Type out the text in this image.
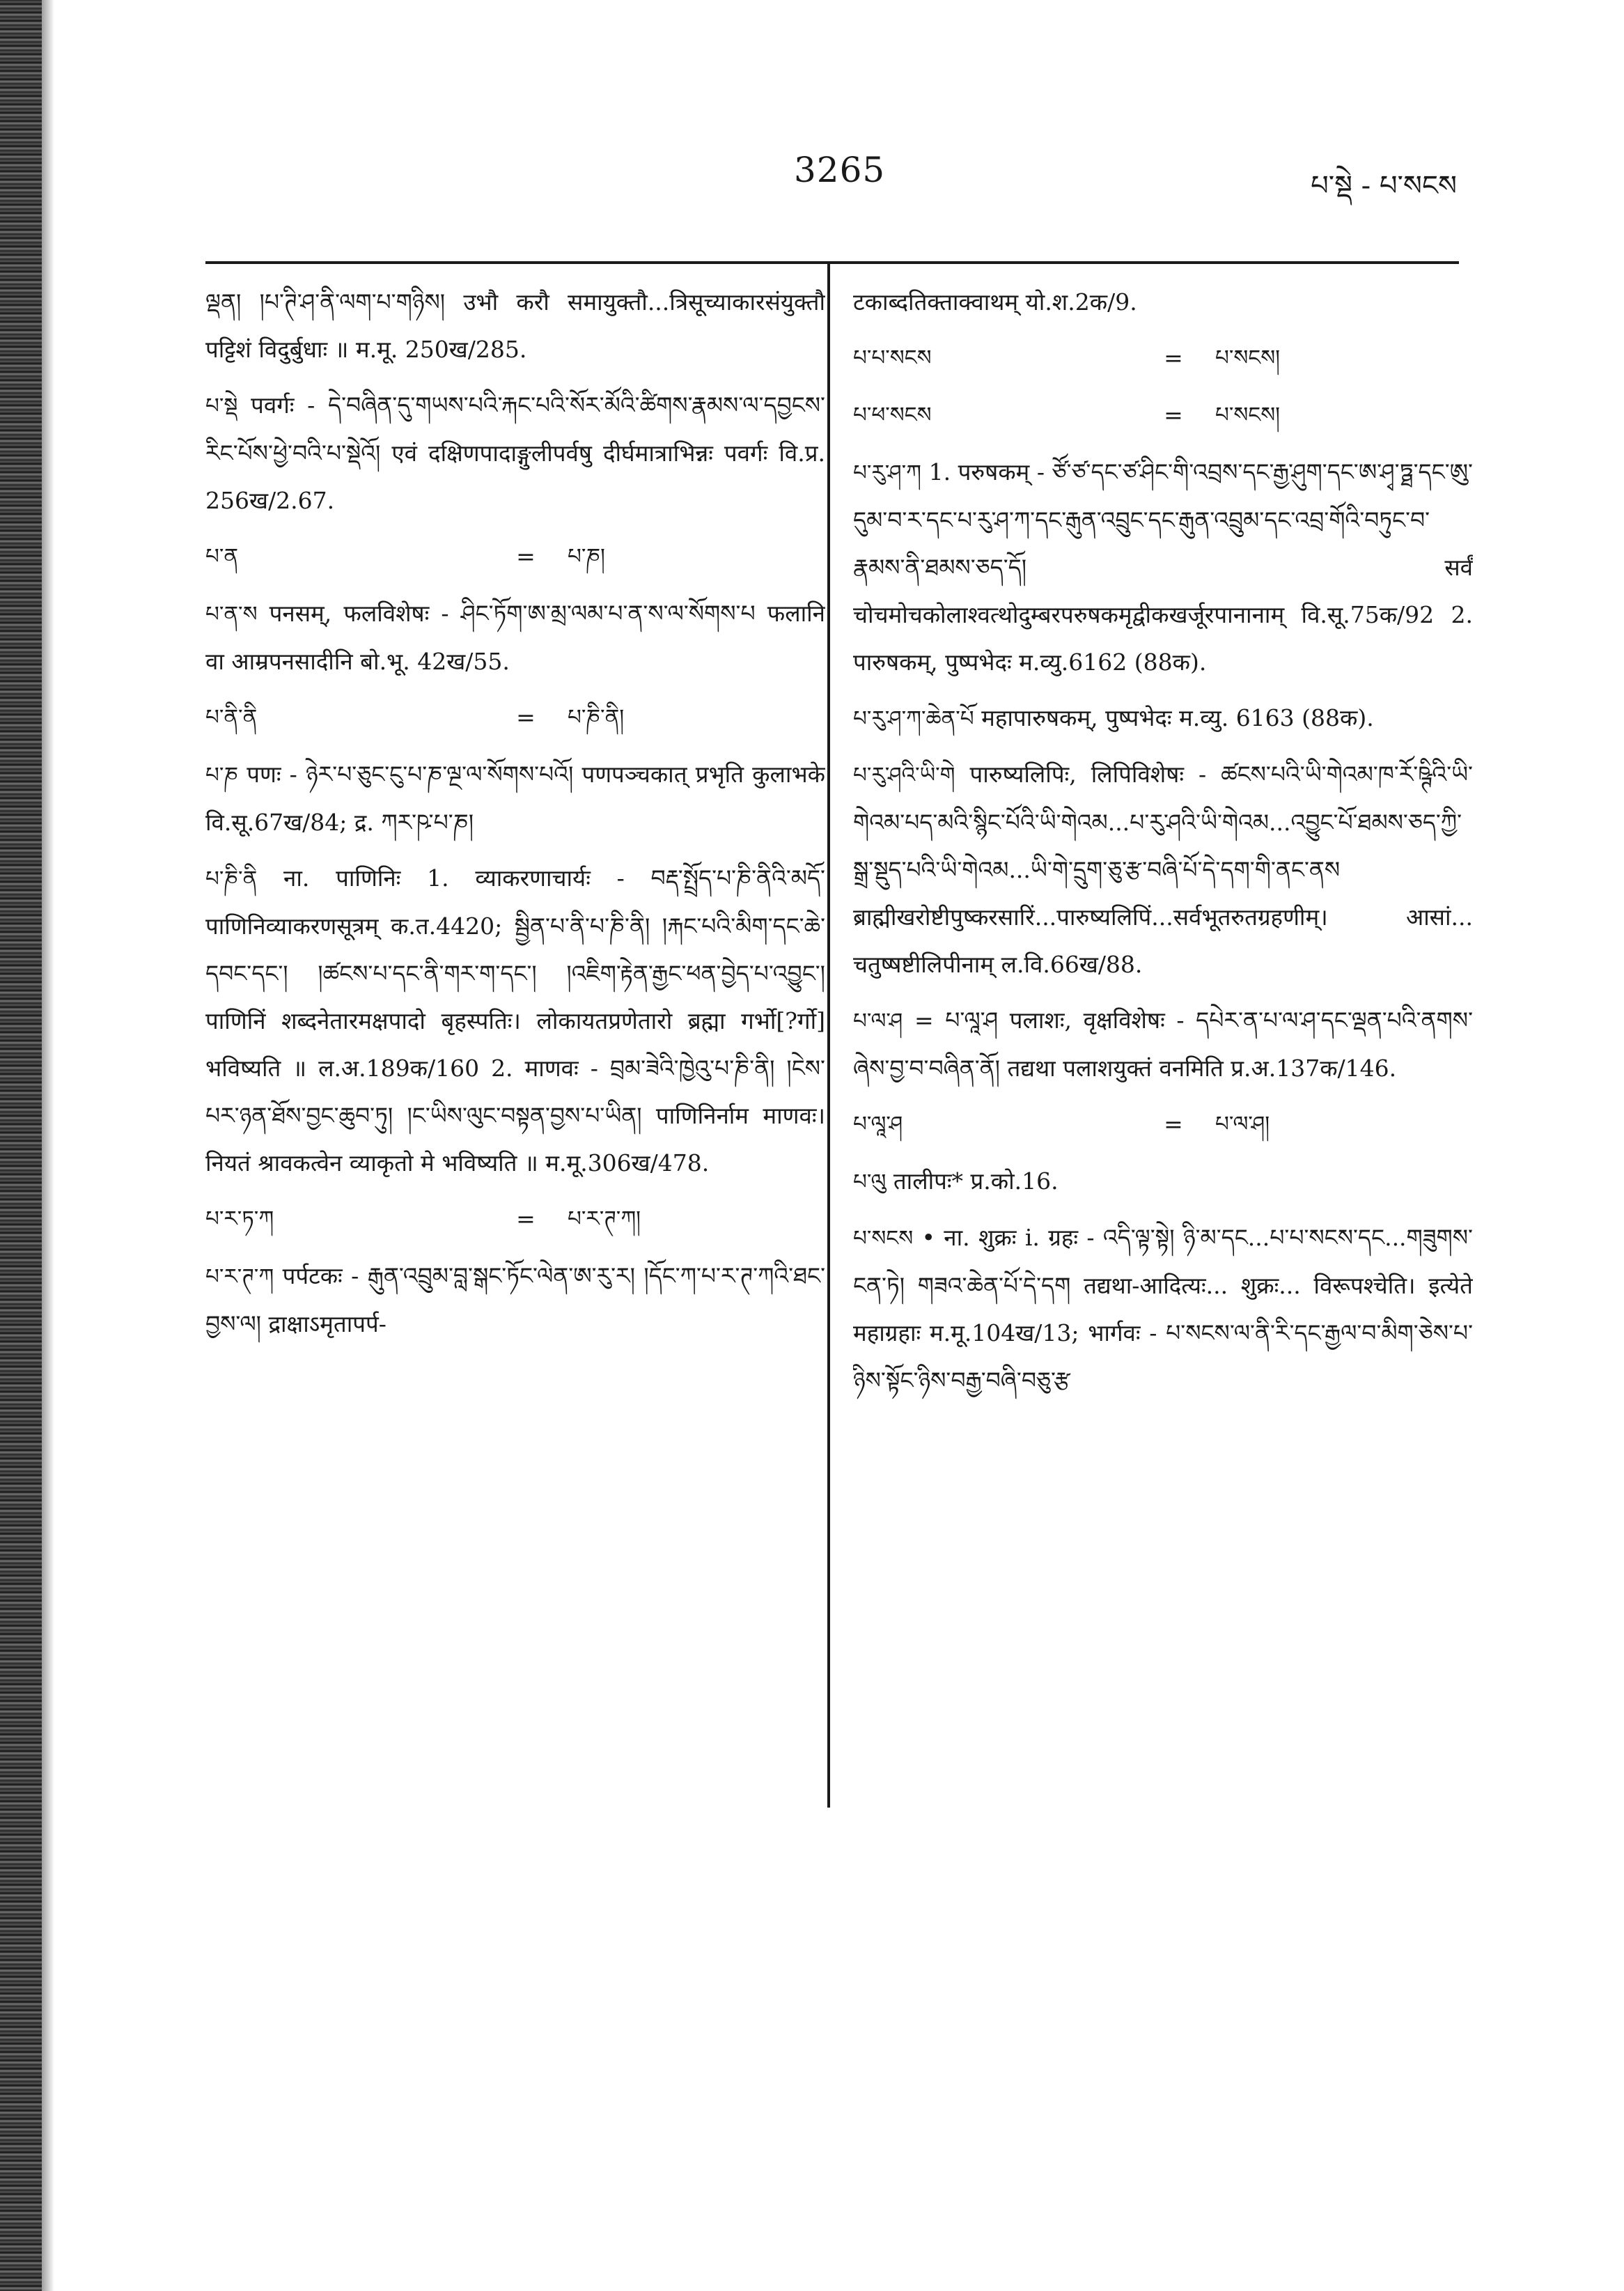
3265	པ་སྡེ - པ་སངས

ལྡན། །པ་ཊི་ཤ་ནི་ལག་པ་གཉིས། उभौ करौ समायुक्तौ...त्रिसूच्याकारसंयुक्तौ पट्टिशं विदुर्बुधाः ॥ म.मू. 250ख/285.

པ་སྡེ पवर्गः - དེ་བཞིན་དུ་གཡས་པའི་རྐང་པའི་སོར་མོའི་ཚིགས་རྣམས་ལ་དབྱངས་རིང་པོས་ཕྱེ་བའི་པ་སྡེའོ། एवं दक्षिणपादाङ्गुलीपर्वषु दीर्घमात्राभिन्नः पवर्गः वि.प्र. 256ख/2.67.

པ་ན	=	པ་ཎ།

པ་ན་ས पनसम्, फलविशेषः - ཤིང་ཏོག་ཨ་མྲ་ལམ་པ་ན་ས་ལ་སོགས་པ फलानि वा आम्रपनसादीनि बो.भू. 42ख/55.

པ་ནི་ནི	=	པ་ཎི་ནི།

པ་ཎ पणः - ཉེར་པ་ཅུང་ངུ་པ་ཎ་ལྔ་ལ་སོགས་པའོ། पणपञ्चकात् प्रभृति कुलाभके वि.सू.67ख/84; द्र. ཀར་ཥ་པ་ཎ།

པ་ཎི་ནི ना. पाणिनिः 1. व्याकरणाचार्यः - བརྡ་སྤྲོད་པ་ཎི་ནིའི་མདོ་ पाणिनिव्याकरणसूत्रम् क.त.4420; སྦྱིན་པ་ནི་པ་ཎི་ནི། །རྐང་པའི་མིག་དང་ཆེ་དབང་དང་། །ཚངས་པ་དང་ནི་གར་ག་དང་། །འཇིག་རྟེན་རྒྱང་ཕན་བྱེད་པ་འབྱུང་། पाणिनिं शब्दनेतारमक्षपादो बृहस्पतिः। लोकायतप्रणेतारो ब्रह्मा गर्भो[?र्गो] भविष्यति ॥ ल.अ.189क/160 2. माणवः - བྲམ་ཟེའི་ཁྱེའུ་པ་ཎི་ནི། །ངེས་པར་ཉན་ཐོས་བྱང་ཆུབ་ཏུ། །ང་ཡིས་ལུང་བསྟན་བྱས་པ་ཡིན། पाणिनिर्नाम माणवः। नियतं श्रावकत्वेन व्याकृतो मे भविष्यति ॥ म.मू.306ख/478.

པ་ར་ཏ་ཀ	=	པ་ཪ་ཊ་ཀ།

པ་ཪ་ཊ་ཀ पर्पटकः - རྒུན་འབྲུམ་བླ་སྒང་ཏོང་ལེན་ཨ་རུ་ར། །དོང་ཀ་པ་ཪ་ཊ་ཀའི་ཐང་བྱས་ལ། द्राक्षाऽमृतापर्प-

टकाब्दतिक्ताक्वाथम् यो.श.2क/9.

པ་པ་སངས	=	པ་སངས།
པ་ཕ་སངས	=	པ་སངས།

པ་རུ་ཤ་ཀ 1. परुषकम् - ཙོ་ཙ་དང་ཙ་ཤིང་གི་འབྲས་དང་རྒྱ་ཤུག་དང་ཨ་ཤྭ་ཏྠ་དང་ཨུ་དུམ་བ་ར་དང་པ་རུ་ཤ་ཀ་དང་རྒུན་འབྲུང་དང་རྒུན་འབྲུམ་དང་འབྲ་གོའི་བཏུང་བ་རྣམས་ནི་ཐམས་ཅད་དོ། सर्वं चोचमोचकोलाश्वत्थोदुम्बरपरुषकमृद्वीकखर्जूरपानानाम् वि.सू.75क/92 2. पारुषकम्, पुष्पभेदः म.व्यु.6162 (88क).

པ་རུ་ཤ་ཀ་ཆེན་པོ महापारुषकम्, पुष्पभेदः म.व्यु. 6163 (88क).

པ་རུ་ཤའི་ཡི་གེ पारुष्यलिपिः, लिपिविशेषः - ཚངས་པའི་ཡི་གེའམ་ཁ་རོ་ཥྚིའི་ཡི་གེའམ་པད་མའི་སྙིང་པོའི་ཡི་གེའམ...པ་རུ་ཤའི་ཡི་གེའམ...འབྱུང་པོ་ཐམས་ཅད་ཀྱི་སྒྲ་སྡུད་པའི་ཡི་གེའམ...ཡི་གེ་དྲུག་ཅུ་རྩ་བཞི་པོ་དེ་དག་གི་ནང་ནས ब्राह्मीखरोष्टीपुष्करसारिं...पारुष्यलिपिं...सर्वभूतरुतग्रहणीम्। आसां... चतुष्षष्टीलिपीनाम् ल.वि.66ख/88.

པ་ལ་ཤ = པ་ལཱ་ཤ पलाशः, वृक्षविशेषः - དཔེར་ན་པ་ལ་ཤ་དང་ལྡན་པའི་ནགས་ཞེས་བྱ་བ་བཞིན་ནོ། तद्यथा पलाशयुक्तं वनमिति प्र.अ.137क/146.

པ་ལཱ་ཤ	=	པ་ལ་ཤ།

པ་ལུ तालीपः* प्र.को.16.

པ་སངས • ना. शुक्रः i. ग्रहः - འདི་ལྟ་སྟེ། ཉི་མ་དང...པ་པ་སངས་དང...གཟུགས་ངན་ཏེ། གཟའ་ཆེན་པོ་དེ་དག तद्यथा-आदित्यः... शुक्रः... विरूपश्चेति। इत्येते महाग्रहाः म.मू.104ख/13; भार्गवः - པ་སངས་ལ་ནི་རི་དང་རྒྱལ་བ་མིག་ཅེས་པ་ཉིས་སྟོང་ཉིས་བརྒྱ་བཞི་བཅུ་རྩ
